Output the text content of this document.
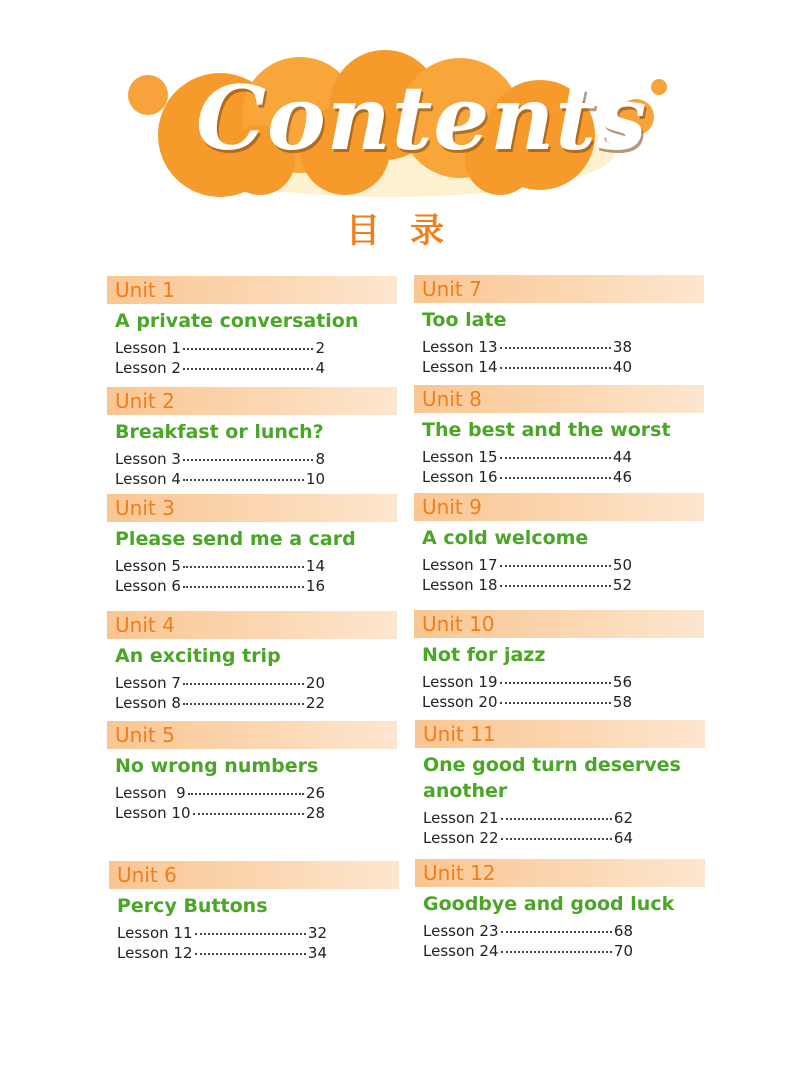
Contents
目录
Unit 1
A private conversation
Lesson 1	2
Lesson 2	4
Unit 2
Breakfast or lunch?
Lesson 3	8
Lesson 4	10
Unit 3
Please send me a card
Lesson 5	14
Lesson 6	16
Unit 4
An exciting trip
Lesson 7	20
Lesson 8	22
Unit 5
No wrong numbers
Lesson  9	26
Lesson 10	28
Unit 6
Percy Buttons
Lesson 11	32
Lesson 12	34
Unit 7
Too late
Lesson 13	38
Lesson 14	40
Unit 8
The best and the worst
Lesson 15	44
Lesson 16	46
Unit 9
A cold welcome
Lesson 17	50
Lesson 18	52
Unit 10
Not for jazz
Lesson 19	56
Lesson 20	58
Unit 11
One good turn deserves another
Lesson 21	62
Lesson 22	64
Unit 12
Goodbye and good luck
Lesson 23	68
Lesson 24	70
